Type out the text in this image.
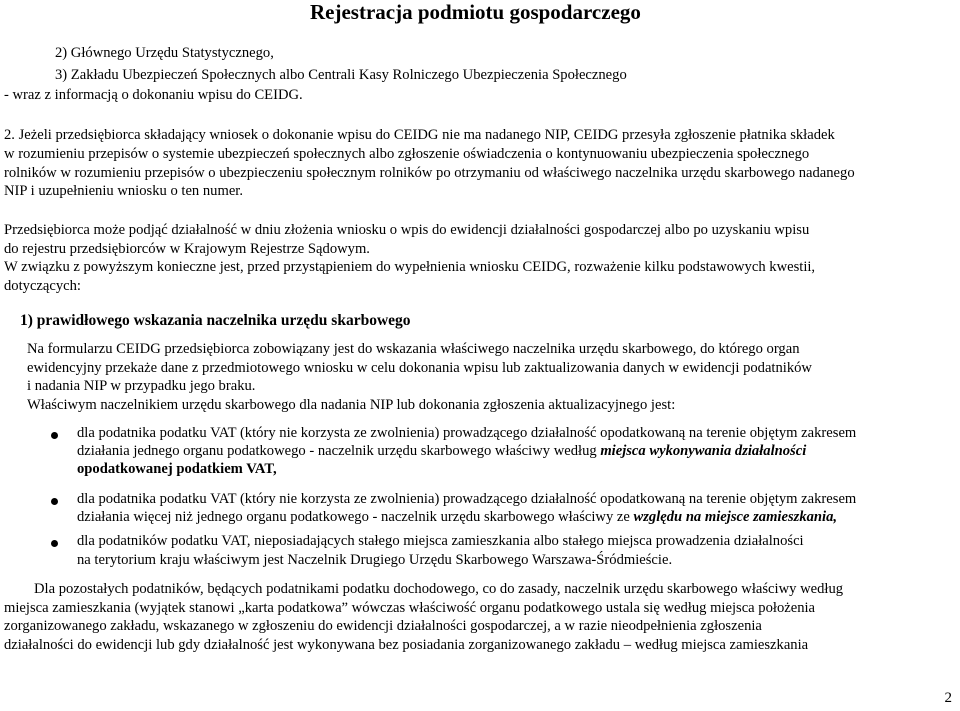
Rejestracja podmiotu gospodarczego
2) Głównego Urzędu Statystycznego,
3) Zakładu Ubezpieczeń Społecznych albo Centrali Kasy Rolniczego Ubezpieczenia Społecznego
- wraz z informacją o dokonaniu wpisu do CEIDG.
2. Jeżeli przedsiębiorca składający wniosek o dokonanie wpisu do CEIDG nie ma nadanego NIP, CEIDG przesyła zgłoszenie płatnika składek
w rozumieniu przepisów o systemie ubezpieczeń społecznych albo zgłoszenie oświadczenia o kontynuowaniu ubezpieczenia społecznego
rolników w rozumieniu przepisów o ubezpieczeniu społecznym rolników po otrzymaniu od właściwego naczelnika urzędu skarbowego nadanego
NIP i uzupełnieniu wniosku o ten numer.
Przedsiębiorca może podjąć działalność w dniu złożenia wniosku o wpis do ewidencji działalności gospodarczej albo po uzyskaniu wpisu
do rejestru przedsiębiorców w Krajowym Rejestrze Sądowym.
W związku z powyższym konieczne jest, przed przystąpieniem do wypełnienia wniosku CEIDG, rozważenie kilku podstawowych kwestii,
dotyczących:
1) prawidłowego wskazania naczelnika urzędu skarbowego
Na formularzu CEIDG przedsiębiorca zobowiązany jest do wskazania właściwego naczelnika urzędu skarbowego, do którego organ
ewidencyjny przekaże dane z przedmiotowego wniosku w celu dokonania wpisu lub zaktualizowania danych w ewidencji podatników
i nadania NIP w przypadku jego braku.
Właściwym naczelnikiem urzędu skarbowego dla nadania NIP lub dokonania zgłoszenia aktualizacyjnego jest:
dla podatnika podatku VAT (który nie korzysta ze zwolnienia) prowadzącego działalność opodatkowaną na terenie objętym zakresem
działania jednego organu podatkowego - naczelnik urzędu skarbowego właściwy według miejsca wykonywania działalności
opodatkowanej podatkiem VAT,
dla podatnika podatku VAT (który nie korzysta ze zwolnienia) prowadzącego działalność opodatkowaną na terenie objętym zakresem
działania więcej niż jednego organu podatkowego - naczelnik urzędu skarbowego właściwy ze względu na miejsce zamieszkania,
dla podatników podatku VAT, nieposiadających stałego miejsca zamieszkania albo stałego miejsca prowadzenia działalności
na terytorium kraju właściwym jest Naczelnik Drugiego Urzędu Skarbowego Warszawa-Śródmieście.
Dla pozostałych podatników, będących podatnikami podatku dochodowego, co do zasady, naczelnik urzędu skarbowego właściwy według
miejsca zamieszkania (wyjątek stanowi „karta podatkowa” wówczas właściwość organu podatkowego ustala się według miejsca położenia
zorganizowanego zakładu, wskazanego w zgłoszeniu do ewidencji działalności gospodarczej, a w razie nieodpełnienia zgłoszenia
działalności do ewidencji lub gdy działalność jest wykonywana bez posiadania zorganizowanego zakładu – według miejsca zamieszkania
2
